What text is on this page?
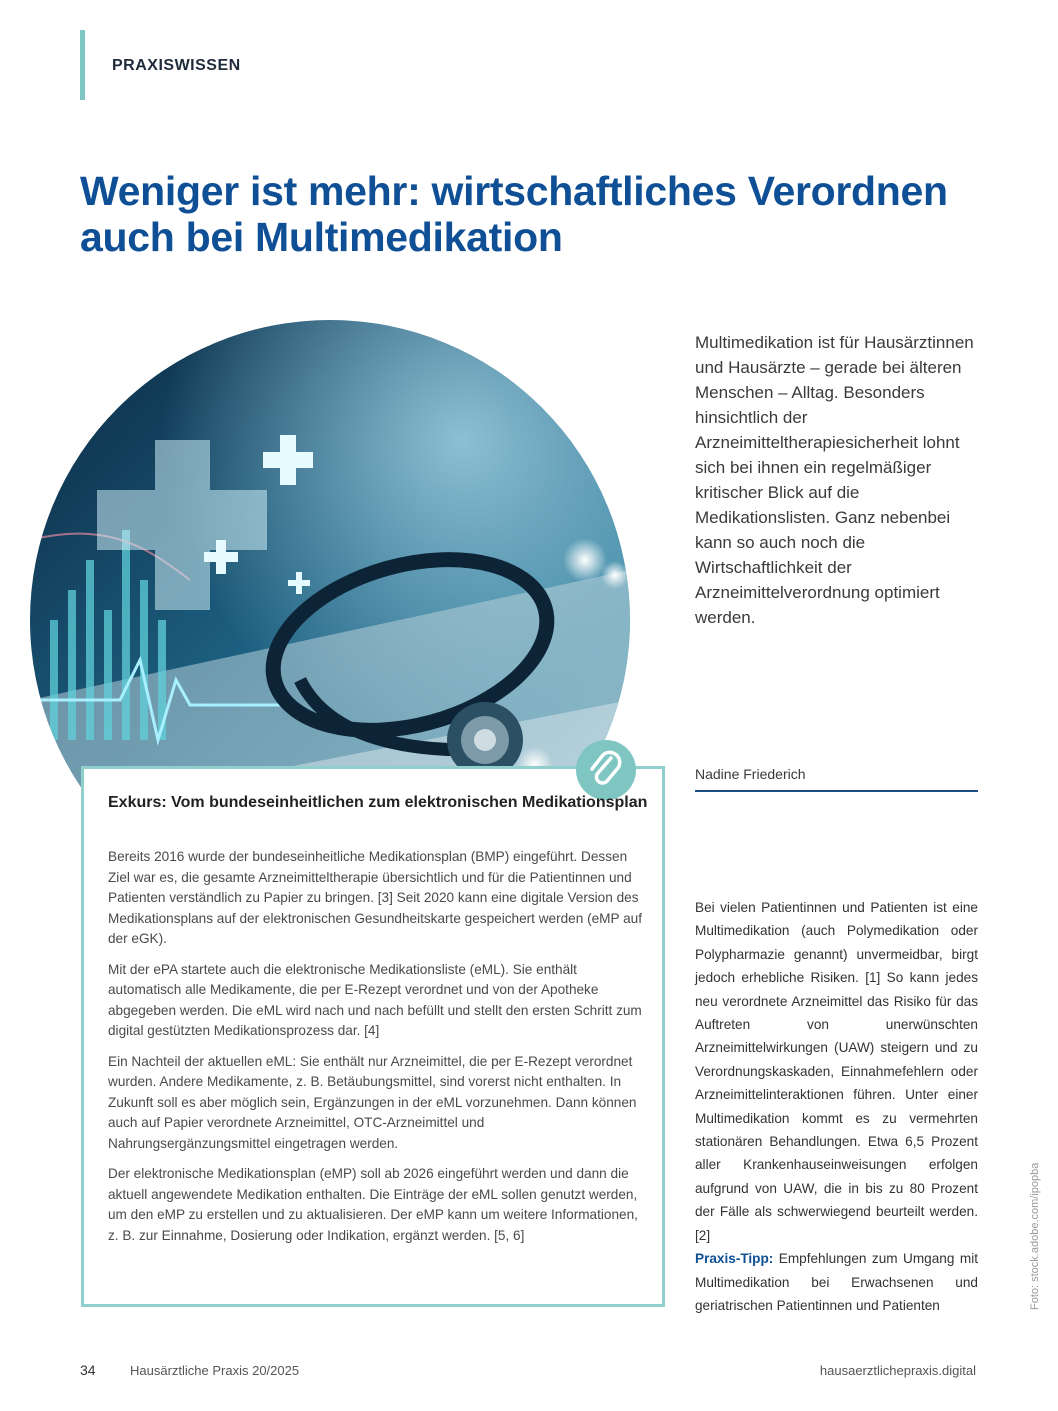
PRAXISWISSEN
Weniger ist mehr: wirtschaftliches Verordnen auch bei Multimedikation

Multimedikation ist für Hausärztinnen und Hausärzte – gerade bei älteren Menschen – Alltag. Besonders hinsichtlich der Arzneimitteltherapiesicherheit lohnt sich bei ihnen ein regelmäßiger kritischer Blick auf die Medikationslisten. Ganz nebenbei kann so auch noch die Wirtschaftlichkeit der Arzneimittelverordnung optimiert werden.

Nadine Friederich
Exkurs: Vom bundeseinheitlichen zum elektronischen Medikationsplan

Bereits 2016 wurde der bundeseinheitliche Medikationsplan (BMP) eingeführt. Dessen Ziel war es, die gesamte Arzneimitteltherapie übersichtlich und für die Patientinnen und Patienten verständlich zu Papier zu bringen. [3] Seit 2020 kann eine digitale Version des Medikationsplans auf der elektronischen Gesundheitskarte gespeichert werden (eMP auf der eGK).

Mit der ePA startete auch die elektronische Medikationsliste (eML). Sie enthält automatisch alle Medikamente, die per E-Rezept verordnet und von der Apotheke abgegeben werden. Die eML wird nach und nach befüllt und stellt den ersten Schritt zum digital gestützten Medikationsprozess dar. [4]

Ein Nachteil der aktuellen eML: Sie enthält nur Arzneimittel, die per E-Rezept verordnet wurden. Andere Medikamente, z. B. Betäubungsmittel, sind vorerst nicht enthalten. In Zukunft soll es aber möglich sein, Ergänzungen in der eML vorzunehmen. Dann können auch auf Papier verordnete Arzneimittel, OTC-Arzneimittel und Nahrungsergänzungsmittel eingetragen werden.

Der elektronische Medikationsplan (eMP) soll ab 2026 eingeführt werden und dann die aktuell angewendete Medikation enthalten. Die Einträge der eML sollen genutzt werden, um den eMP zu erstellen und zu aktualisieren. Der eMP kann um weitere Informationen, z. B. zur Einnahme, Dosierung oder Indikation, ergänzt werden. [5, 6]

Bei vielen Patientinnen und Patienten ist eine Multimedikation (auch Polymedikation oder Polypharmazie genannt) unvermeidbar, birgt jedoch erhebliche Risiken. [1] So kann jedes neu verordnete Arzneimittel das Risiko für das Auftreten von unerwünschten Arzneimittelwirkungen (UAW) steigern und zu Verordnungskaskaden, Einnahmefehlern oder Arzneimittelinteraktionen führen. Unter einer Multimedikation kommt es zu vermehrten stationären Behandlungen. Etwa 6,5 Prozent aller Krankenhauseinweisungen erfolgen aufgrund von UAW, die in bis zu 80 Prozent der Fälle als schwerwiegend beurteilt werden. [2]
Praxis-Tipp: Empfehlungen zum Umgang mit Multimedikation bei Erwachsenen und geriatrischen Patientinnen und Patienten	Foto: stock.adobe.com/ipopba
34	Hausärztliche Praxis 20/2025	hausaerztlichepraxis.digital
